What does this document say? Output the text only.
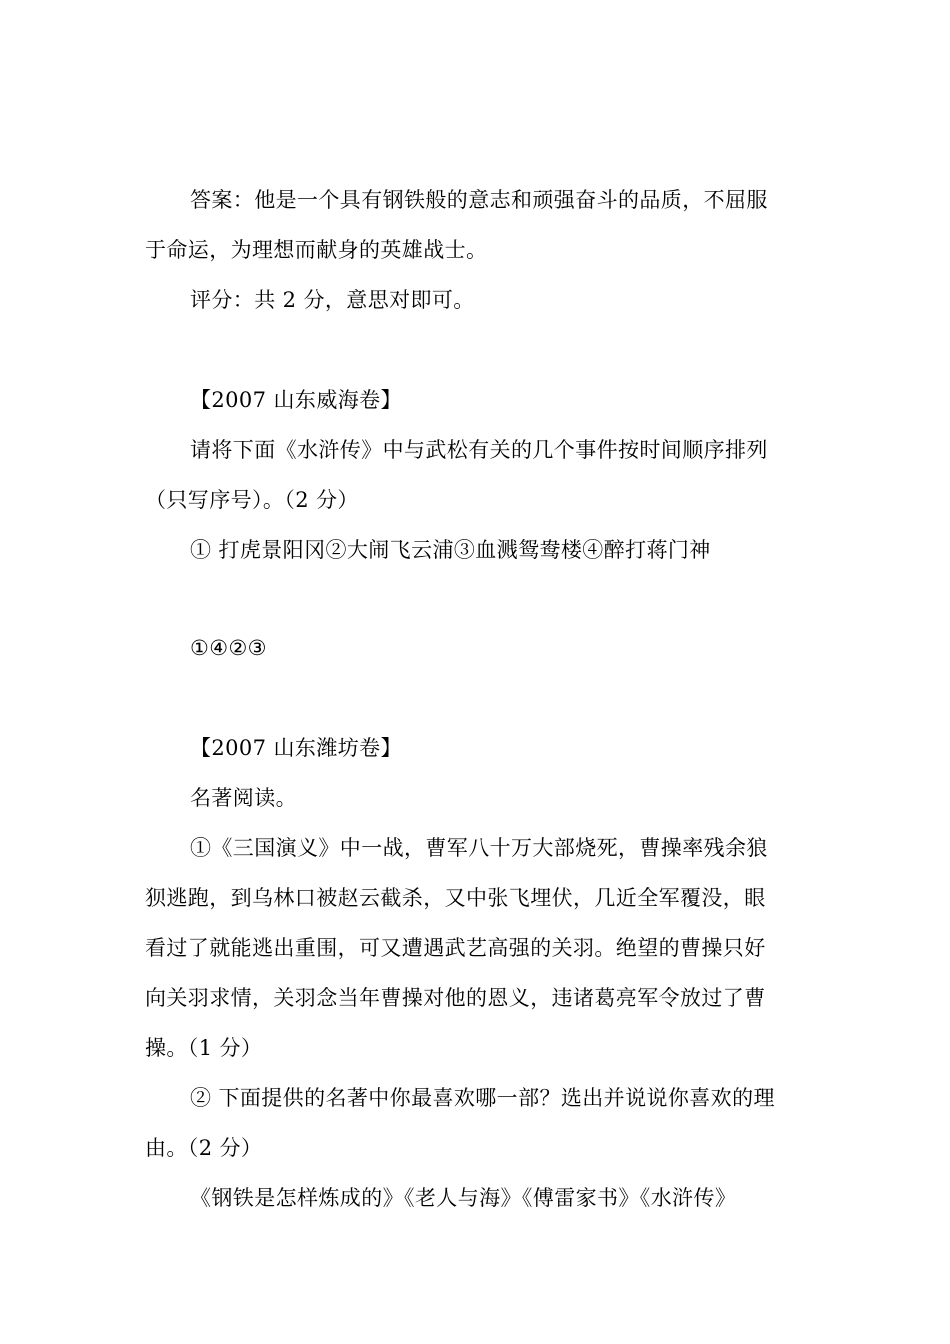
答案：他是一个具有钢铁般的意志和顽强奋斗的品质，不屈服
于命运，为理想而献身的英雄战士。
评分：共 2 分，意思对即可。
【2007 山东威海卷】
请将下面《水浒传》中与武松有关的几个事件按时间顺序排列
（只写序号）。（2 分）
① 打虎景阳冈②大闹飞云浦③血溅鸳鸯楼④醉打蒋门神
①④②③
【2007 山东潍坊卷】
名著阅读。
①《三国演义》中一战，曹军八十万大部烧死，曹操率残余狼
狈逃跑，到乌林口被赵云截杀，又中张飞埋伏，几近全军覆没，眼
看过了就能逃出重围，可又遭遇武艺高强的关羽。绝望的曹操只好
向关羽求情，关羽念当年曹操对他的恩义，违诸葛亮军令放过了曹
操。（1 分）
② 下面提供的名著中你最喜欢哪一部？选出并说说你喜欢的理
由。（2 分）
《钢铁是怎样炼成的》《老人与海》《傅雷家书》《水浒传》
